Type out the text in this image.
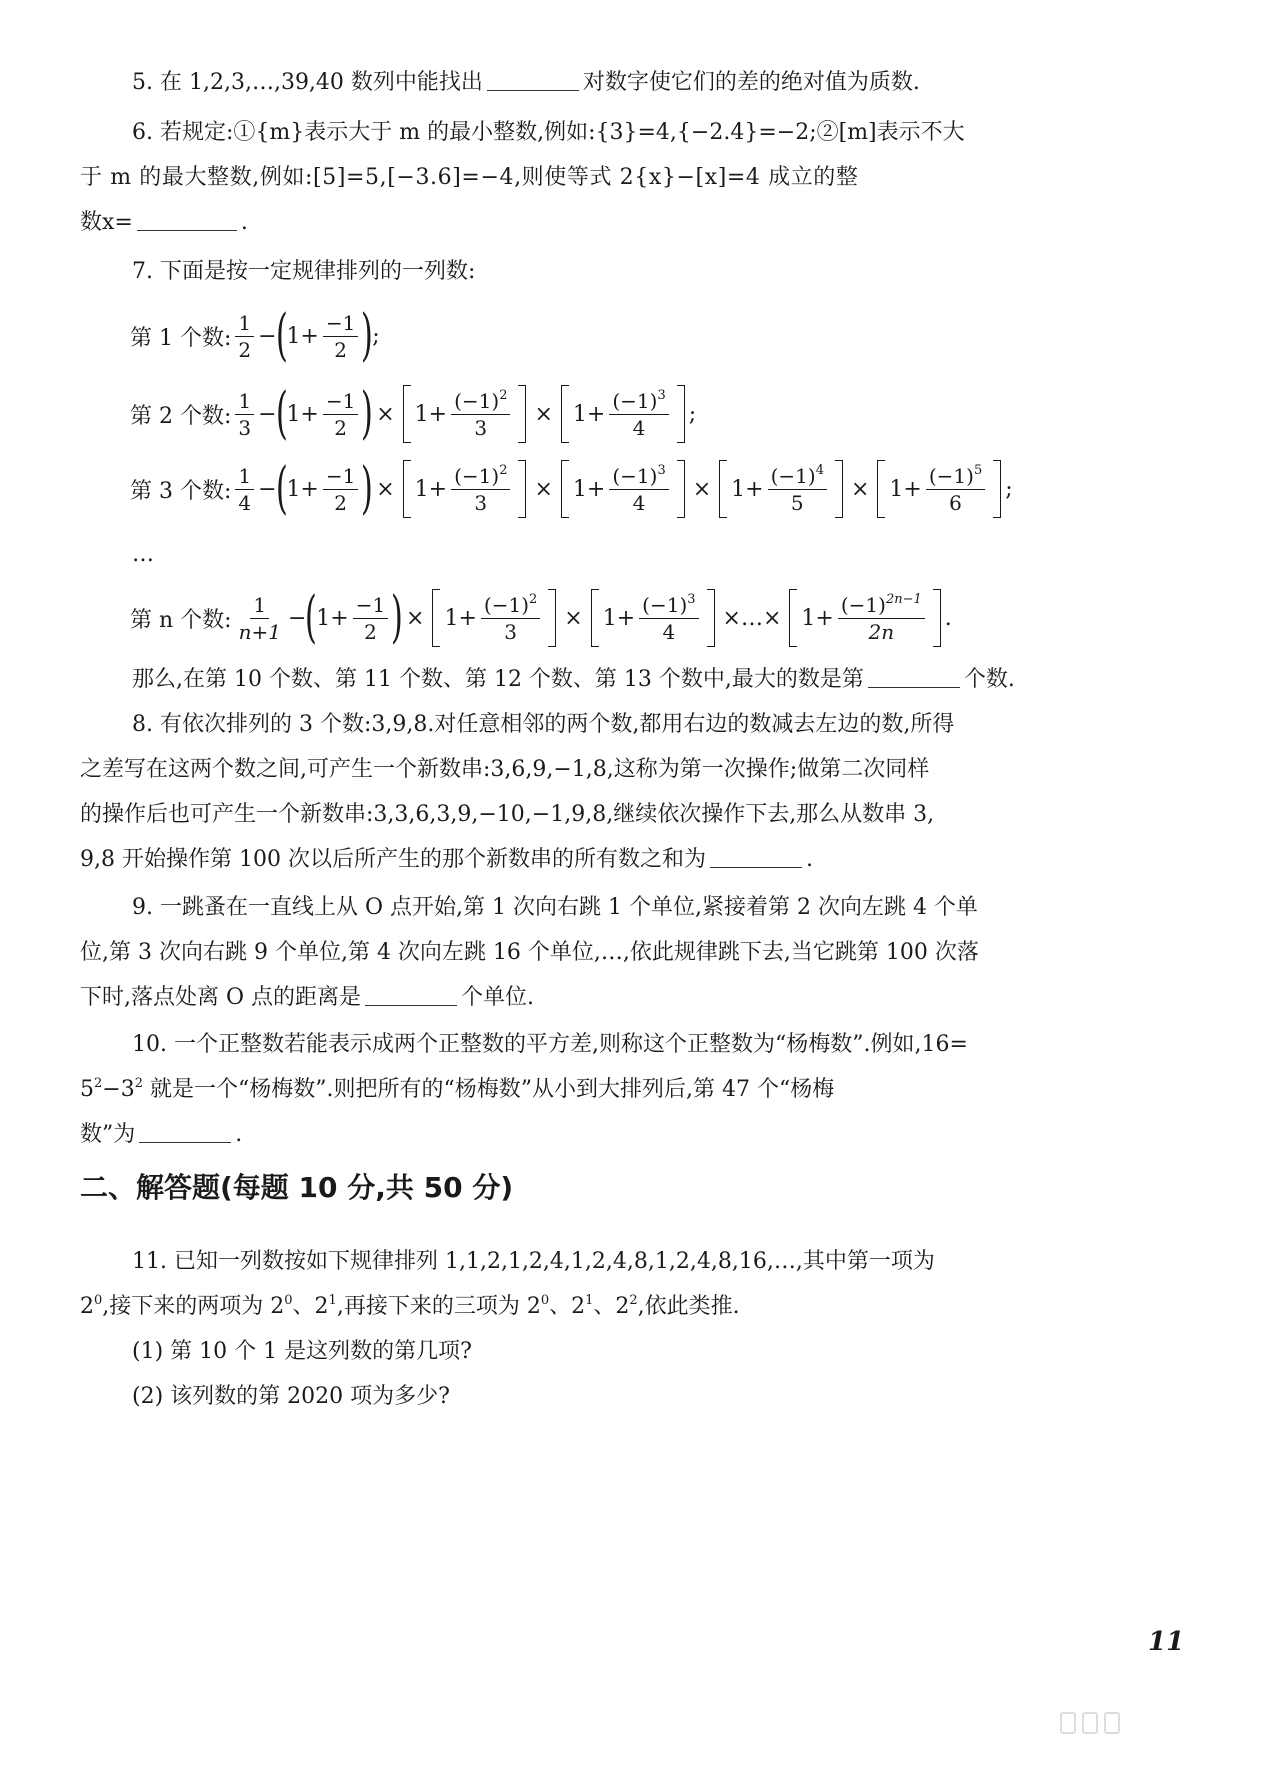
5. 在 1,2,3,…,39,40 数列中能找出	对数字使它们的差的绝对值为质数.
6. 若规定:①{m}表示大于 m 的最小整数,例如:{3}=4,{−2.4}=−2;②[m]表示不大
于 m 的最大整数,例如:[5]=5,[−3.6]=−4,则使等式 2{x}−[x]=4 成立的整
数x=	.
7. 下面是按一定规律排列的一列数:
第 1 个数: $\frac{1}{2}$ −
(
$1+ \frac{-1}{2}$ )
;
第 2 个数: $\frac{1}{3}$ −
(
$1+ \frac{-1}{2}$ ) × $1+ \frac{(-1)^2}{3} \times 1+ \frac{(-1)^3}{4}$ ;
第 3 个数: $\frac{1}{4}$ −
(
$1+ \frac{-1}{2}$ ) × $1+ \frac{(-1)^2}{3} \times 1+ \frac{(-1)^3}{4} \times 1+ \frac{(-1)^4}{5} \times 1+ \frac{(-1)^5}{6}$ ;
…
第 n 个数: $\frac{1}{n+1}$ −
(
$1+ \frac{-1}{2}$ ) × $1+ \frac{(-1)^2}{3} \times 1+ \frac{(-1)^3}{4}$ ×…× $1+ \frac{(-1)^{2n-1}}{2n}$ .
那么,在第 10 个数、第 11 个数、第 12 个数、第 13 个数中,最大的数是第	个数.
8. 有依次排列的 3 个数:3,9,8.对任意相邻的两个数,都用右边的数减去左边的数,所得
之差写在这两个数之间,可产生一个新数串:3,6,9,−1,8,这称为第一次操作;做第二次同样
的操作后也可产生一个新数串:3,3,6,3,9,−10,−1,9,8,继续依次操作下去,那么从数串 3,
9,8 开始操作第 100 次以后所产生的那个新数串的所有数之和为	.
9. 一跳蚤在一直线上从 O 点开始,第 1 次向右跳 1 个单位,紧接着第 2 次向左跳 4 个单
位,第 3 次向右跳 9 个单位,第 4 次向左跳 16 个单位,…,依此规律跳下去,当它跳第 100 次落
下时,落点处离 O 点的距离是	个单位.
10. 一个正整数若能表示成两个正整数的平方差,则称这个正整数为“杨梅数”.例如,16=
$5^2-3^2$ 就是一个“杨梅数”.则把所有的“杨梅数”从小到大排列后,第 47 个“杨梅
数”为	.
二、解答题(每题 10 分,共 50 分)
11. 已知一列数按如下规律排列 1,1,2,1,2,4,1,2,4,8,1,2,4,8,16,…,其中第一项为
$2^0$,接下来的两项为 $2^0$、$2^1$,再接下来的三项为 $2^0$、$2^1$、$2^2$,依此类推.
(1) 第 10 个 1 是这列数的第几项?
(2) 该列数的第 2020 项为多少?
11
